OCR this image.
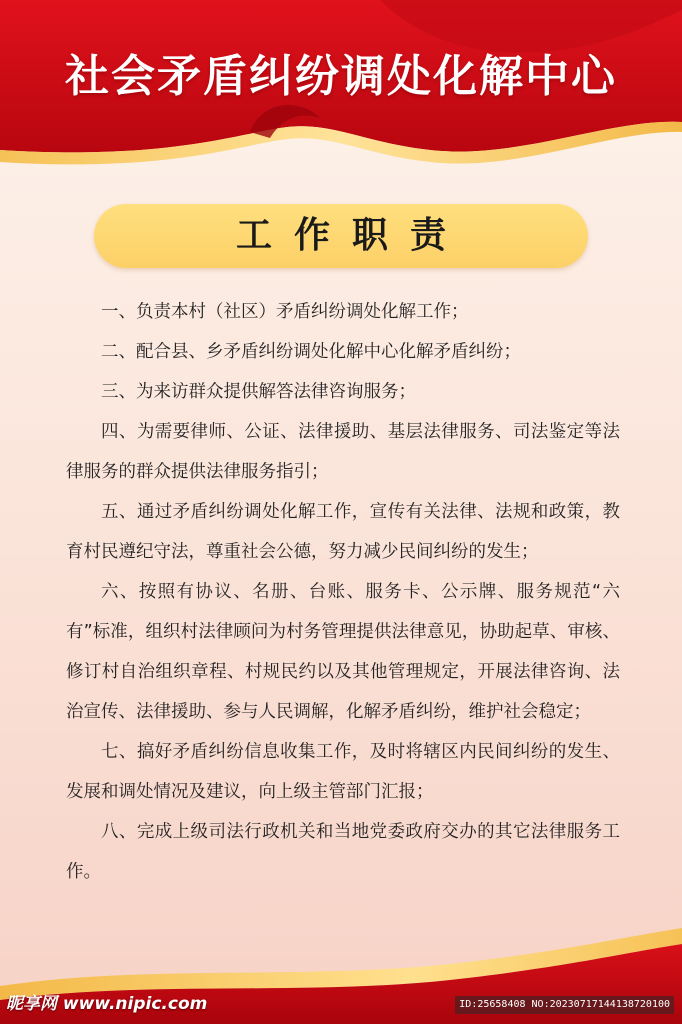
社会矛盾纠纷调处化解中心
工作职责

一、负责本村（社区）矛盾纠纷调处化解工作；

二、配合县、乡矛盾纠纷调处化解中心化解矛盾纠纷；

三、为来访群众提供解答法律咨询服务；

四、为需要律师、公证、法律援助、基层法律服务、司法鉴定等法律服务的群众提供法律服务指引；

五、通过矛盾纠纷调处化解工作，宣传有关法律、法规和政策，教育村民遵纪守法，尊重社会公德，努力减少民间纠纷的发生；

六、按照有协议、名册、台账、服务卡、公示牌、服务规范“六有”标准，组织村法律顾问为村务管理提供法律意见，协助起草、审核、修订村自治组织章程、村规民约以及其他管理规定，开展法律咨询、法治宣传、法律援助、参与人民调解，化解矛盾纠纷，维护社会稳定；

七、搞好矛盾纠纷信息收集工作，及时将辖区内民间纠纷的发生、发展和调处情况及建议，向上级主管部门汇报；

八、完成上级司法行政机关和当地党委政府交办的其它法律服务工作。

昵享网 www.nipic.com	ID:25658408 NO:20230717144138720100
